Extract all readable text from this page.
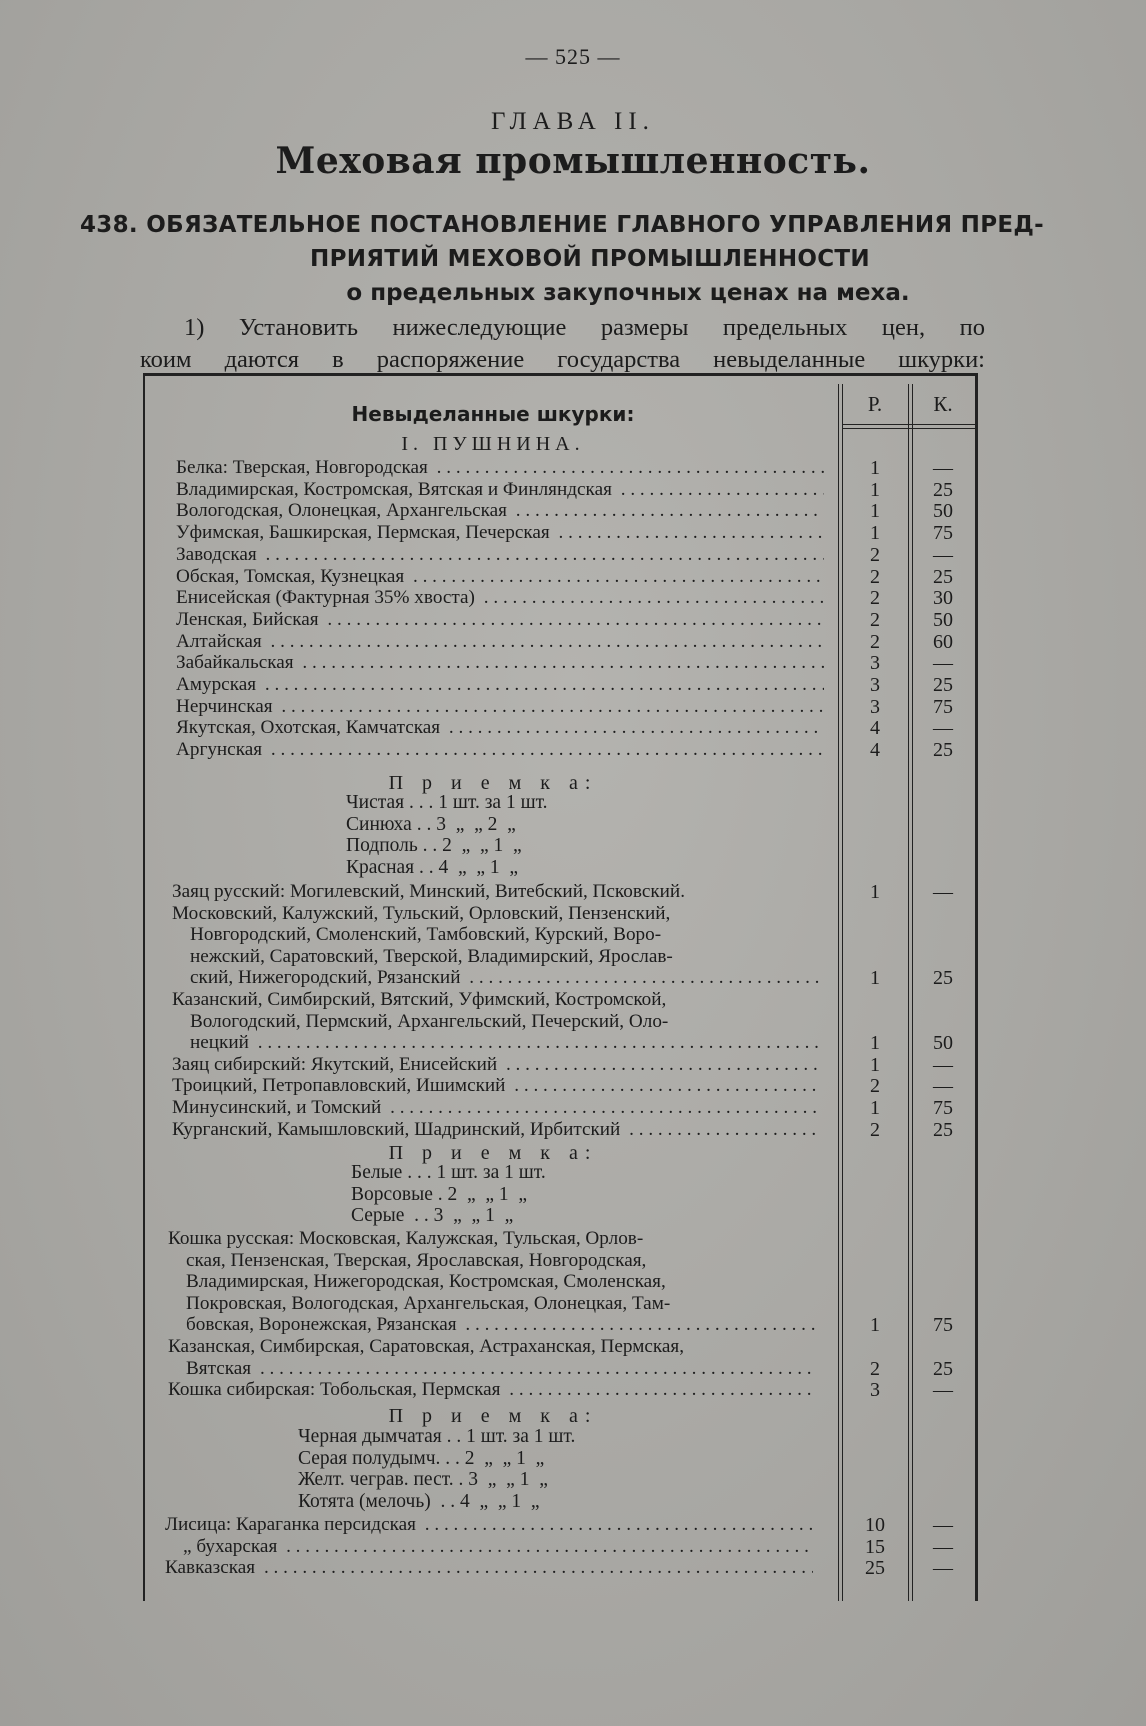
— 525 —
ГЛАВА II.
Меховая промышленность.
438. ОБЯЗАТЕЛЬНОЕ ПОСТАНОВЛЕНИЕ ГЛАВНОГО УПРАВЛЕНИЯ ПРЕД-
ПРИЯТИЙ МЕХОВОЙ ПРОМЫШЛЕННОСТИ
о предельных закупочных ценах на меха.
1) Установить нижеследующие размеры предельных цен, по
коим даются в распоряжение государства невыделанные шкурки:
Р.	К.
Невыделанные шкурки:
I. ПУШНИНА.
Белка: Тверская, Новгородская . . .	1	—
Владимирская, Костромская, Вятская и Финляндская . . .	1	25
Вологодская, Олонецкая, Архангельская . . .	1	50
Уфимская, Башкирская, Пермская, Печерская . . .	1	75
Заводская . . .	2	—
Обская, Томская, Кузнецкая . . .	2	25
Енисейская (Фактурная 35% хвоста) . . .	2	30
Ленская, Бийская . . .	2	50
Алтайская . . .	2	60
Забайкальская . . .	3	—
Амурская . . .	3	25
Нерчинская . . .	3	75
Якутская, Охотская, Камчатская . . .	4	—
Аргунская . . .	4	25
П р и е м к а:
Чистая . . . 1 шт. за 1 шт.
Синюха . . 3  „  „ 2  „
Подполь . . 2  „  „ 1  „
Красная . . 4  „  „ 1  „
Заяц русский: Могилевский, Минский, Витебский, Псковский.	1	—
Московский, Калужский, Тульский, Орловский, Пензенский,
Новгородский, Смоленский, Тамбовский, Курский, Воро-
нежский, Саратовский, Тверской, Владимирский, Ярослав-
ский, Нижегородский, Рязанский . . .	1	25
Казанский, Симбирский, Вятский, Уфимский, Костромской,
Вологодский, Пермский, Архангельский, Печерский, Оло-
нецкий . . .	1	50
Заяц сибирский: Якутский, Енисейский . . .	1	—
Троицкий, Петропавловский, Ишимский . . .	2	—
Минусинский, и Томский . . .	1	75
Курганский, Камышловский, Шадринский, Ирбитский . . .	2	25
П р и е м к а:
Белые . . . 1 шт. за 1 шт.
Ворсовые . 2  „  „ 1  „
Серые  . . 3  „  „ 1  „
Кошка русская: Московская, Калужская, Тульская, Орлов-
ская, Пензенская, Тверская, Ярославская, Новгородская,
Владимирская, Нижегородская, Костромская, Смоленская,
Покровская, Вологодская, Архангельская, Олонецкая, Там-
бовская, Воронежская, Рязанская . . .	1	75
Казанская, Симбирская, Саратовская, Астраханская, Пермская,
Вятская . . .	2	25
Кошка сибирская: Тобольская, Пермская . . .	3	—
П р и е м к а:
Черная дымчатая . . 1 шт. за 1 шт.
Серая полудымч. . . 2  „  „ 1  „
Желт. чеграв. пест. . 3  „  „ 1  „
Котята (мелочь)  . . 4  „  „ 1  „
Лисица: Караганка персидская . . .	10	—
„ бухарская . . .	15	—
Кавказская . . .	25	—
